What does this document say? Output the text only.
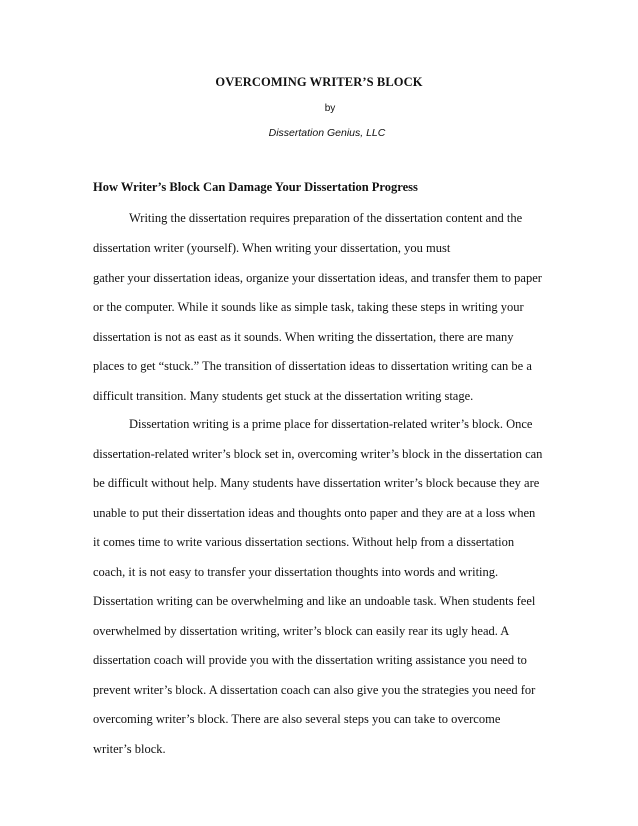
OVERCOMING WRITER’S BLOCK
by
Dissertation Genius, LLC
How Writer’s Block Can Damage Your Dissertation Progress
Writing the dissertation requires preparation of the dissertation content and the
dissertation writer (yourself). When writing your dissertation, you must
gather your dissertation ideas, organize your dissertation ideas, and transfer them to paper
or the computer. While it sounds like as simple task, taking these steps in writing your
dissertation is not as east as it sounds. When writing the dissertation, there are many
places to get “stuck.” The transition of dissertation ideas to dissertation writing can be a
difficult transition. Many students get stuck at the dissertation writing stage.
Dissertation writing is a prime place for dissertation-related writer’s block. Once
dissertation-related writer’s block set in, overcoming writer’s block in the dissertation can
be difficult without help. Many students have dissertation writer’s block because they are
unable to put their dissertation ideas and thoughts onto paper and they are at a loss when
it comes time to write various dissertation sections. Without help from a dissertation
coach, it is not easy to transfer your dissertation thoughts into words and writing.
Dissertation writing can be overwhelming and like an undoable task. When students feel
overwhelmed by dissertation writing, writer’s block can easily rear its ugly head. A
dissertation coach will provide you with the dissertation writing assistance you need to
prevent writer’s block. A dissertation coach can also give you the strategies you need for
overcoming writer’s block. There are also several steps you can take to overcome
writer’s block.
